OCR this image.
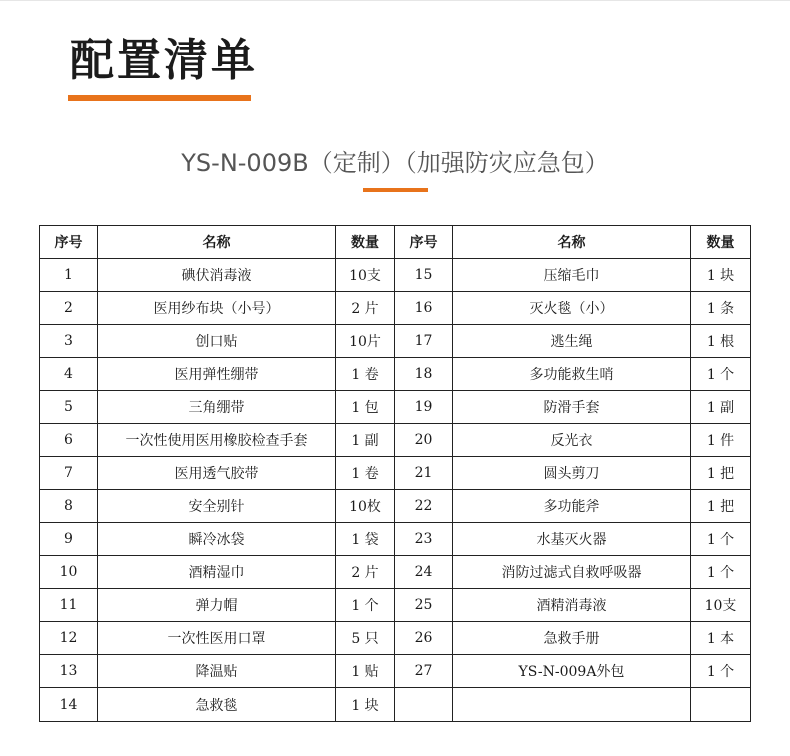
配置清单
YS-N-009B（定制）（加强防灾应急包）
序号	名称	数量	序号	名称	数量
1	碘伏消毒液	10支	15	压缩毛巾	1 块
2	医用纱布块（小号）	2 片	16	灭火毯（小）	1 条
3	创口贴	10片	17	逃生绳	1 根
4	医用弹性绷带	1 卷	18	多功能救生哨	1 个
5	三角绷带	1 包	19	防滑手套	1 副
6	一次性使用医用橡胶检查手套	1 副	20	反光衣	1 件
7	医用透气胶带	1 卷	21	圆头剪刀	1 把
8	安全别针	10枚	22	多功能斧	1 把
9	瞬冷冰袋	1 袋	23	水基灭火器	1 个
10	酒精湿巾	2 片	24	消防过滤式自救呼吸器	1 个
11	弹力帽	1 个	25	酒精消毒液	10支
12	一次性医用口罩	5 只	26	急救手册	1 本
13	降温贴	1 贴	27	YS-N-009A外包	1 个
14	急救毯	1 块			
